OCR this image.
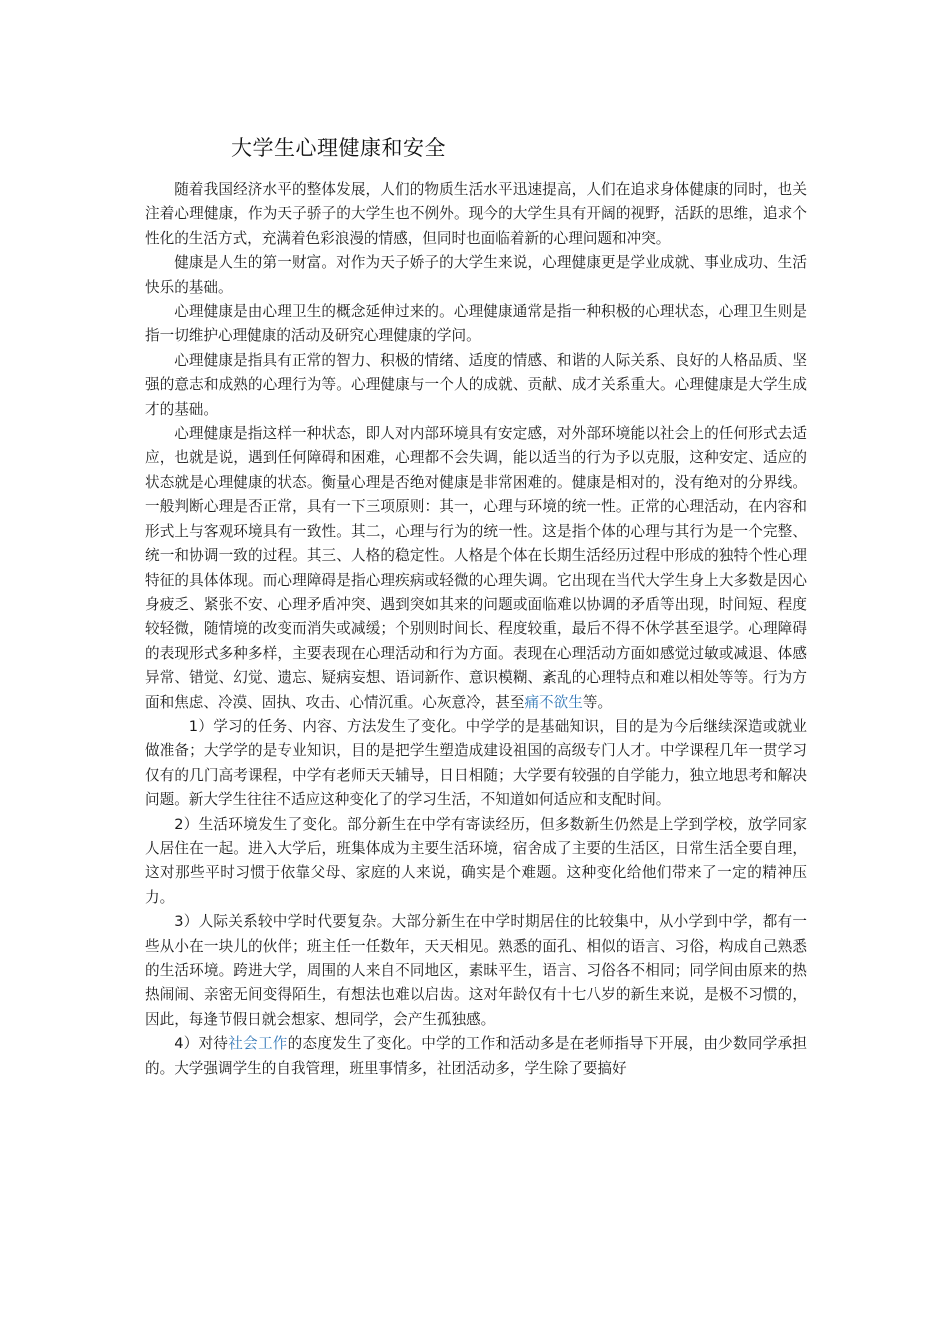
大学生心理健康和安全

随着我国经济水平的整体发展，人们的物质生活水平迅速提高，人们在追求身体健康的同时，也关注着心理健康，作为天子骄子的大学生也不例外。现今的大学生具有开阔的视野，活跃的思维，追求个性化的生活方式，充满着色彩浪漫的情感，但同时也面临着新的心理问题和冲突。

健康是人生的第一财富。对作为天子娇子的大学生来说，心理健康更是学业成就、事业成功、生活快乐的基础。

心理健康是由心理卫生的概念延伸过来的。心理健康通常是指一种积极的心理状态，心理卫生则是指一切维护心理健康的活动及研究心理健康的学问。

心理健康是指具有正常的智力、积极的情绪、适度的情感、和谐的人际关系、良好的人格品质、坚强的意志和成熟的心理行为等。心理健康与一个人的成就、贡献、成才关系重大。心理健康是大学生成才的基础。

心理健康是指这样一种状态，即人对内部环境具有安定感，对外部环境能以社会上的任何形式去适应，也就是说，遇到任何障碍和困难，心理都不会失调，能以适当的行为予以克服，这种安定、适应的状态就是心理健康的状态。衡量心理是否绝对健康是非常困难的。健康是相对的，没有绝对的分界线。一般判断心理是否正常，具有一下三项原则：其一，心理与环境的统一性。正常的心理活动，在内容和形式上与客观环境具有一致性。其二，心理与行为的统一性。这是指个体的心理与其行为是一个完整、统一和协调一致的过程。其三、人格的稳定性。人格是个体在长期生活经历过程中形成的独特个性心理特征的具体体现。而心理障碍是指心理疾病或轻微的心理失调。它出现在当代大学生身上大多数是因心身疲乏、紧张不安、心理矛盾冲突、遇到突如其来的问题或面临难以协调的矛盾等出现，时间短、程度较轻微，随情境的改变而消失或减缓；个别则时间长、程度较重，最后不得不休学甚至退学。心理障碍的表现形式多种多样，主要表现在心理活动和行为方面。表现在心理活动方面如感觉过敏或减退、体感异常、错觉、幻觉、遗忘、疑病妄想、语词新作、意识模糊、紊乱的心理特点和难以相处等等。行为方面和焦虑、冷漠、固执、攻击、心情沉重。心灰意冷，甚至痛不欲生等。

1）学习的任务、内容、方法发生了变化。中学学的是基础知识，目的是为今后继续深造或就业做准备；大学学的是专业知识，目的是把学生塑造成建设祖国的高级专门人才。中学课程几年一贯学习仅有的几门高考课程，中学有老师天天辅导，日日相随；大学要有较强的自学能力，独立地思考和解决问题。新大学生往往不适应这种变化了的学习生活，不知道如何适应和支配时间。

2）生活环境发生了变化。部分新生在中学有寄读经历，但多数新生仍然是上学到学校，放学同家人居住在一起。进入大学后，班集体成为主要生活环境，宿舍成了主要的生活区，日常生活全要自理，这对那些平时习惯于依靠父母、家庭的人来说，确实是个难题。这种变化给他们带来了一定的精神压力。

3）人际关系较中学时代要复杂。大部分新生在中学时期居住的比较集中，从小学到中学，都有一些从小在一块儿的伙伴；班主任一任数年，天天相见。熟悉的面孔、相似的语言、习俗，构成自己熟悉的生活环境。跨进大学，周围的人来自不同地区，素昧平生，语言、习俗各不相同；同学间由原来的热热闹闹、亲密无间变得陌生，有想法也难以启齿。这对年龄仅有十七八岁的新生来说，是极不习惯的，因此，每逢节假日就会想家、想同学，会产生孤独感。

4）对待社会工作的态度发生了变化。中学的工作和活动多是在老师指导下开展，由少数同学承担的。大学强调学生的自我管理，班里事情多，社团活动多，学生除了要搞好
